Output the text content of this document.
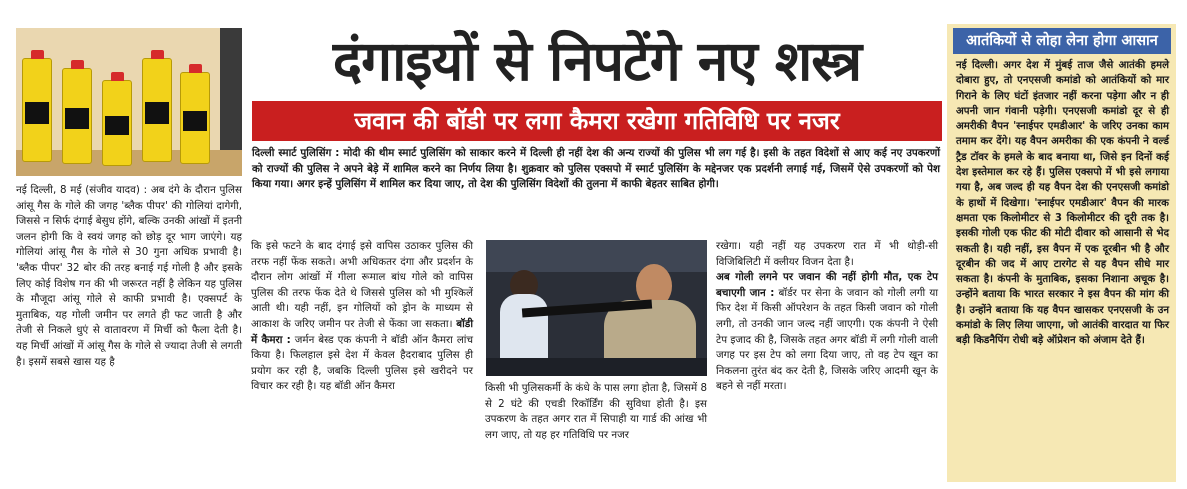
दंगाइयों से निपटेंगे नए शस्त्र
जवान की बॉडी पर लगा कैमरा रखेगा गतिविधि पर नजर
दिल्ली स्मार्ट पुलिसिंग : मोदी की थीम स्मार्ट पुलिसिंग को साकार करने में दिल्ली ही नहीं देश की अन्य राज्यों की पुलिस भी लग गई है। इसी के तहत विदेशों से आए कई नए उपकरणों को राज्यों की पुलिस ने अपने बेड़े में शामिल करने का निर्णय लिया है। शुक्रवार को पुलिस एक्सपो में स्मार्ट पुलिसिंग के मद्देनजर एक प्रदर्शनी लगाई गई, जिसमें ऐसे उपकरणों को पेश किया गया। अगर इन्हें पुलिसिंग में शामिल कर दिया जाए, तो देश की पुलिसिंग विदेशों की तुलना में काफी बेहतर साबित होगी।
नई दिल्ली, 8 मई (संजीव यादव) : अब दंगे के दौरान पुलिस आंसू गैस के गोले की जगह 'ब्लैक पीपर' की गोलियां दागेगी, जिससे न सिर्फ दंगाई बेसुध होंगे, बल्कि उनकी आंखों में इतनी जलन होगी कि वे स्वयं जगह को छोड़ दूर भाग जाएंगे। यह गोलियां आंसू गैस के गोले से 30 गुना अधिक प्रभावी है। 'ब्लैक पीपर' 32 बोर की तरह बनाई गई गोली है और इसके लिए कोई विशेष गन की भी जरूरत नहीं है लेकिन यह पुलिस के मौजूदा आंसू गोले से काफी प्रभावी है। एक्सपर्ट के मुताबिक, यह गोली जमीन पर लगते ही फट जाती है और तेजी से निकले धुएं से वातावरण में मिर्ची को फैला देती है। यह मिर्ची आंखों में आंसू गैस के गोले से ज्यादा तेजी से लगती है। इसमें सबसे खास यह है
कि इसे फटने के बाद दंगाई इसे वापिस उठाकर पुलिस की तरफ नहीं फेंक सकते। अभी अधिकतर दंगा और प्रदर्शन के दौरान लोग आंखों में गीला रूमाल बांध गोले को वापिस पुलिस की तरफ फेंक देते थे जिससे पुलिस को भी मुश्किलें आती थी। यही नहीं, इन गोलियों को ड्रोन के माध्यम से आकाश के जरिए जमीन पर तेजी से फेंका जा सकता। बॉडी में कैमरा : जर्मन बेस्ड एक कंपनी ने बॉडी ऑन कैमरा लांच किया है। फिलहाल इसे देश में केवल हैदराबाद पुलिस ही प्रयोग कर रही है, जबकि दिल्ली पुलिस इसे खरीदने पर विचार कर रही है। यह बॉडी ऑन कैमरा	किसी भी पुलिसकर्मी के कंधे के पास लगा होता है, जिसमें 8 से 2 घंटे की एचडी रिकॉर्डिंग की सुविधा होती है। इस उपकरण के तहत अगर रात में सिपाही या गार्ड की आंख भी लग जाए, तो यह हर गतिविधि पर नजर
रखेगा। यही नहीं यह उपकरण रात में भी थोड़ी-सी विजिबिलिटी में क्लीयर विजन देता है।
अब गोली लगने पर जवान की नहीं होगी मौत, एक टेप बचाएगी जान : बॉर्डर पर सेना के जवान को गोली लगी या फिर देश में किसी ऑपरेशन के तहत किसी जवान को गोली लगी, तो उनकी जान जल्द नहीं जाएगी। एक कंपनी ने ऐसी टेप इजाद की है, जिसके तहत अगर बॉडी में लगी गोली वाली जगह पर इस टेप को लगा दिया जाए, तो वह टेप खून का निकलना तुरंत बंद कर देती है, जिसके जरिए आदमी खून के बहने से नहीं मरता।
आतंकियों से लोहा लेना होगा आसान
नई दिल्ली। अगर देश में मुंबई ताज जैसे आतंकी हमले दोबारा हुए, तो एनएसजी कमांडो को आतंकियों को मार गिराने के लिए घंटों इंतजार नहीं करना पड़ेगा और न ही अपनी जान गंवानी पड़ेगी। एनएसजी कमांडो दूर से ही अमरीकी वैपन 'स्नाईपर एमडीआर' के जरिए उनका काम तमाम कर देंगे। यह वैपन अमरीका की एक कंपनी ने वर्ल्ड ट्रैड टॉवर के हमले के बाद बनाया था, जिसे इन दिनों कई देश इस्तेमाल कर रहे हैं। पुलिस एक्सपो में भी इसे लगाया गया है, अब जल्द ही यह वैपन देश की एनएसजी कमांडो के हाथों में दिखेगा। 'स्नाईपर एमडीआर' वैपन की मारक क्षमता एक किलोमीटर से 3 किलोमीटर की दूरी तक है। इसकी गोली एक फीट की मोटी दीवार को आसानी से भेद सकती है। यही नहीं, इस वैपन में एक दूरबीन भी है और दूरबीन की जद में आए टारगेट से यह वैपन सीधे मार सकता है। कंपनी के मुताबिक, इसका निशाना अचूक है। उन्होंने बताया कि भारत सरकार ने इस वैपन की मांग की है। उन्होंने बताया कि यह वैपन खासकर एनएसजी के उन कमांडो के लिए लिया जाएगा, जो आतंकी वारदात या फिर बड़ी किडनैपिंग रोधी बड़े ऑप्रेशन को अंजाम देते हैं।
